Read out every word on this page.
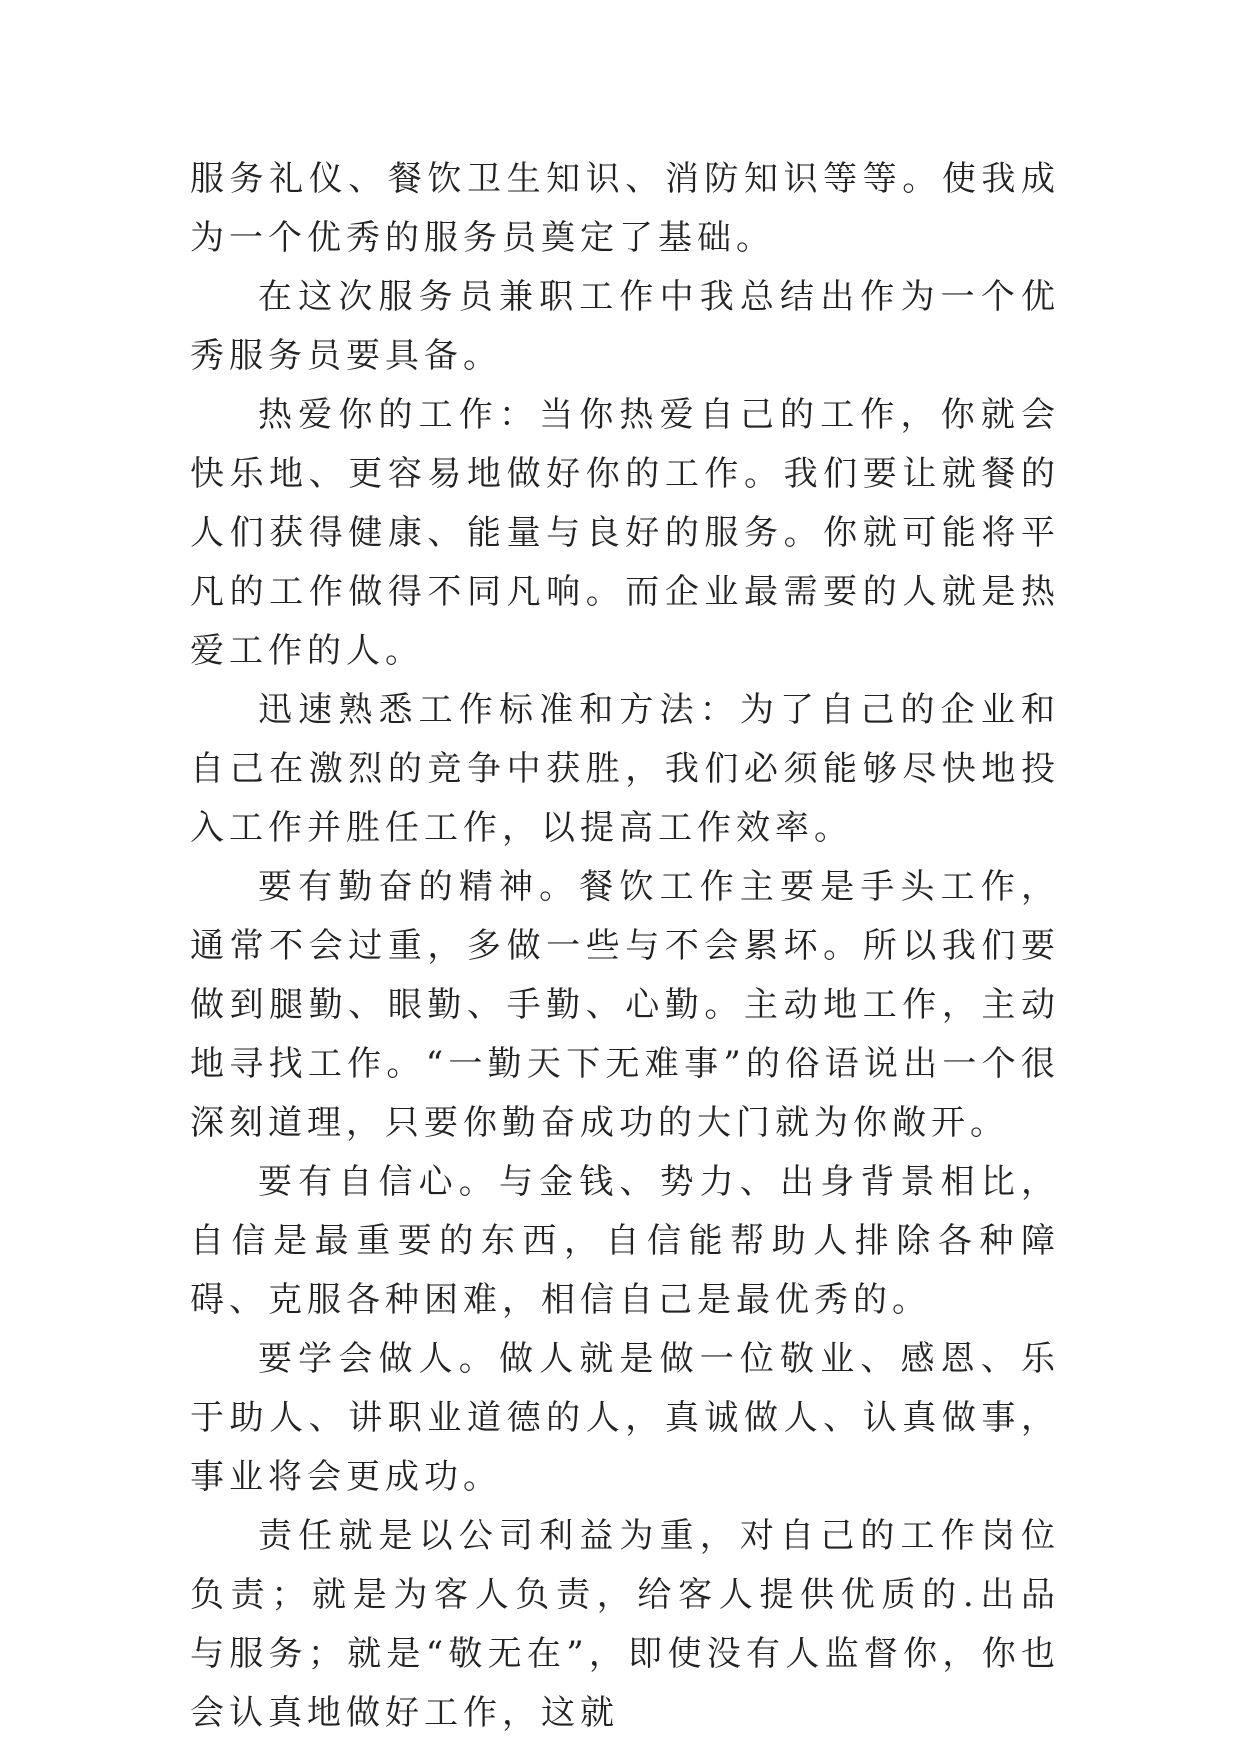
服务礼仪、餐饮卫生知识、消防知识等等。使我成为一个优秀的服务员奠定了基础。

在这次服务员兼职工作中我总结出作为一个优秀服务员要具备。

热爱你的工作：当你热爱自己的工作，你就会快乐地、更容易地做好你的工作。我们要让就餐的人们获得健康、能量与良好的服务。你就可能将平凡的工作做得不同凡响。而企业最需要的人就是热爱工作的人。

迅速熟悉工作标准和方法：为了自己的企业和自己在激烈的竞争中获胜，我们必须能够尽快地投入工作并胜任工作，以提高工作效率。

要有勤奋的精神。餐饮工作主要是手头工作，通常不会过重，多做一些与不会累坏。所以我们要做到腿勤、眼勤、手勤、心勤。主动地工作，主动地寻找工作。“一勤天下无难事”的俗语说出一个很深刻道理，只要你勤奋成功的大门就为你敞开。

要有自信心。与金钱、势力、出身背景相比，自信是最重要的东西，自信能帮助人排除各种障碍、克服各种困难，相信自己是最优秀的。

要学会做人。做人就是做一位敬业、感恩、乐于助人、讲职业道德的人，真诚做人、认真做事，事业将会更成功。

责任就是以公司利益为重，对自己的工作岗位负责；就是为客人负责，给客人提供优质的.出品与服务；就是“敬无在”，即使没有人监督你，你也会认真地做好工作，这就
